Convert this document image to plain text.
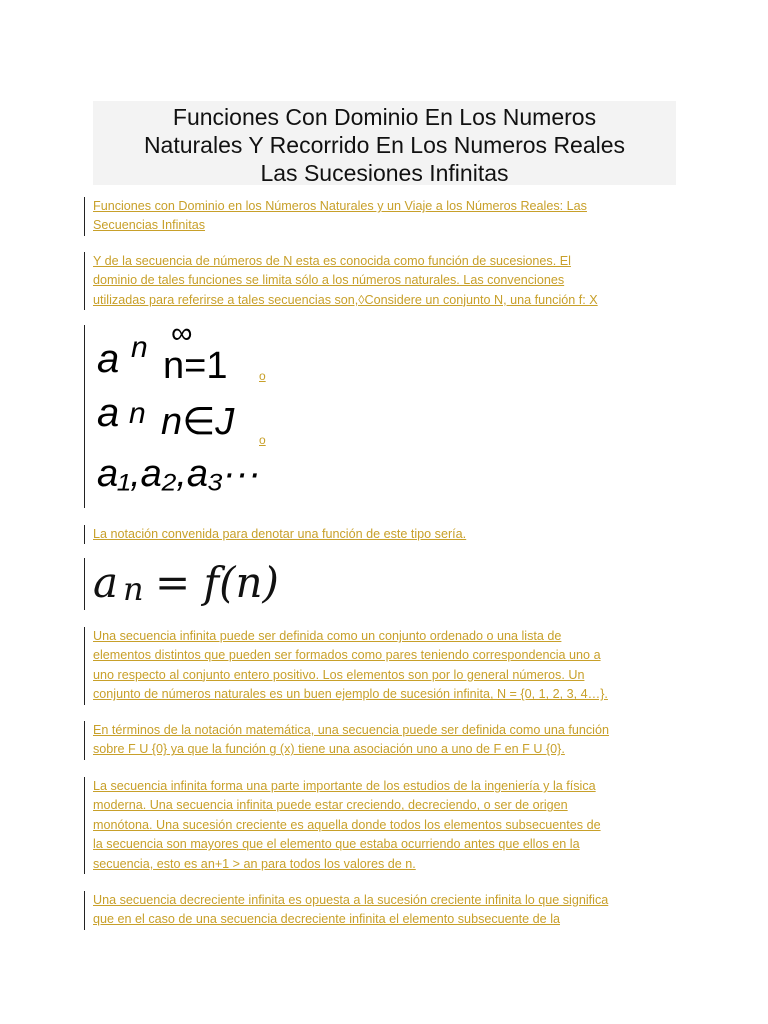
Funciones Con Dominio En Los Numeros
Naturales Y Recorrido En Los Numeros Reales
Las Sucesiones Infinitas
Funciones con Dominio en los Números Naturales y un Viaje a los Números Reales: Las
Secuencias Infinitas
Y de la secuencia de números de N esta es conocida como función de sucesiones. El
dominio de tales funciones se limita sólo a los números naturales. Las convenciones
utilizadas para referirse a tales secuencias son,◊Considere un conjunto N, una función f: X
a
∞
n n=1	o
a n n∈J o
a₁,a₂,a₃···
La notación convenida para denotar una función de este tipo sería.
a n = f(n)
Una secuencia infinita puede ser definida como un conjunto ordenado o una lista de
elementos distintos que pueden ser formados como pares teniendo correspondencia uno a
uno respecto al conjunto entero positivo. Los elementos son por lo general números. Un
conjunto de números naturales es un buen ejemplo de sucesión infinita, N = {0, 1, 2, 3, 4…}.
En términos de la notación matemática, una secuencia puede ser definida como una función
sobre F U {0} ya que la función g (x) tiene una asociación uno a uno de F en F U {0}.
La secuencia infinita forma una parte importante de los estudios de la ingeniería y la física
moderna. Una secuencia infinita puede estar creciendo, decreciendo, o ser de origen
monótona. Una sucesión creciente es aquella donde todos los elementos subsecuentes de
la secuencia son mayores que el elemento que estaba ocurriendo antes que ellos en la
secuencia, esto es an+1 > an para todos los valores de n.
Una secuencia decreciente infinita es opuesta a la sucesión creciente infinita lo que significa
que en el caso de una secuencia decreciente infinita el elemento subsecuente de la
